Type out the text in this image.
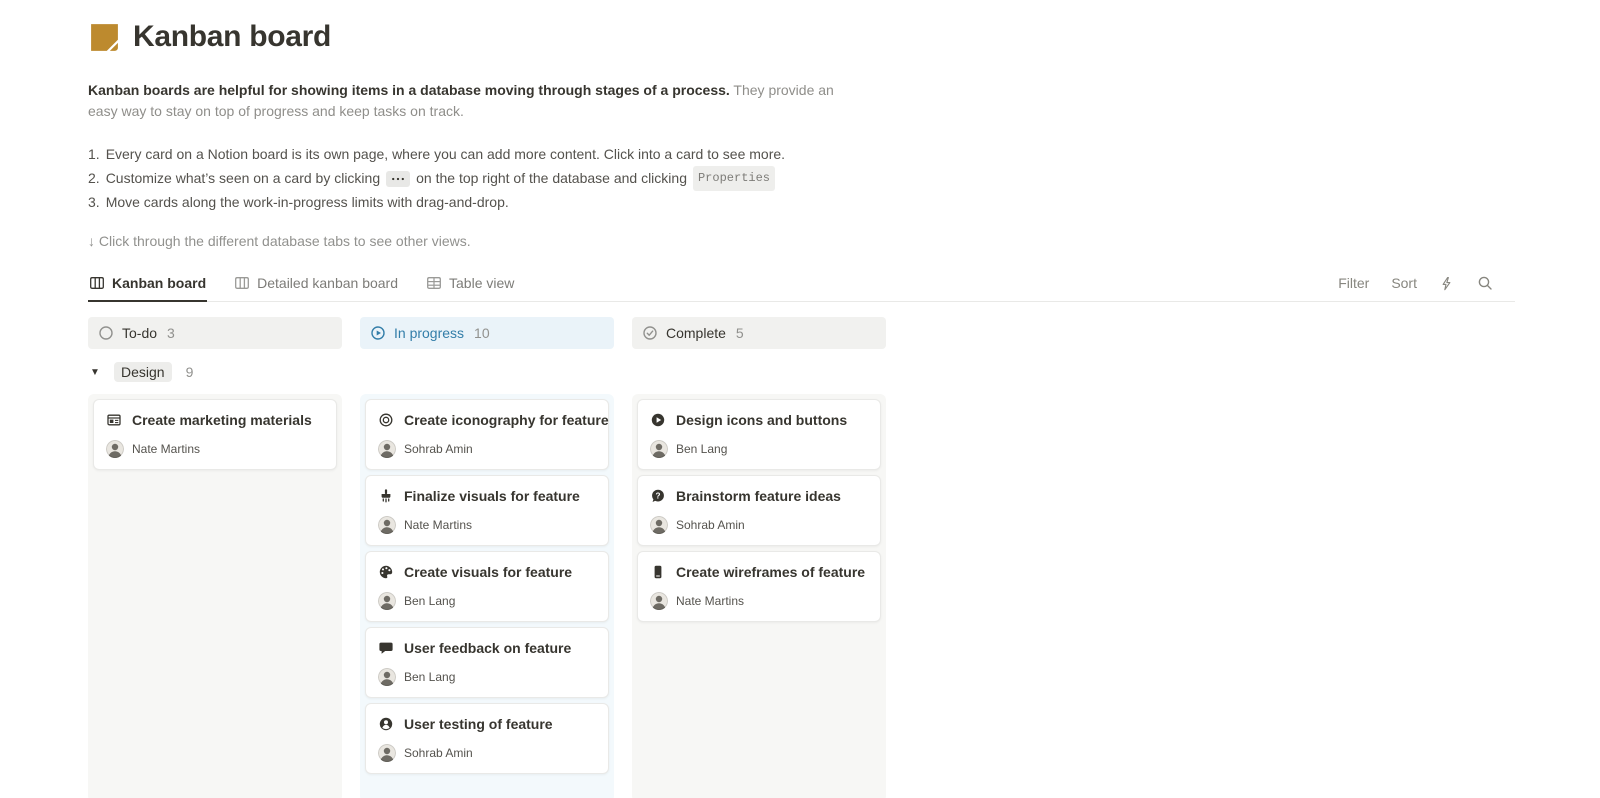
Kanban board

Kanban boards are helpful for showing items in a database moving through stages of a process. They provide an easy way to stay on top of progress and keep tasks on track.

1. Every card on a Notion board is its own page, where you can add more content. Click into a card to see more.
2. Customize what’s seen on a card by clicking	on the top right of the database and clicking Properties
3. Move cards along the work-in-progress limits with drag-and-drop.

↓ Click through the different database tabs to see other views.

Kanban board	Detailed kanban board	Table view	Filter Sort
To-do 3	In progress 10	Complete 5
▼	Design	9
Create marketing materials
Nate Martins
Create iconography for feature
Sohrab Amin
Finalize visuals for feature
Nate Martins
Create visuals for feature
Ben Lang
User feedback on feature
Ben Lang
User testing of feature
Sohrab Amin
Design icons and buttons
Ben Lang
? Brainstorm feature ideas
Sohrab Amin
Create wireframes of feature
Nate Martins
